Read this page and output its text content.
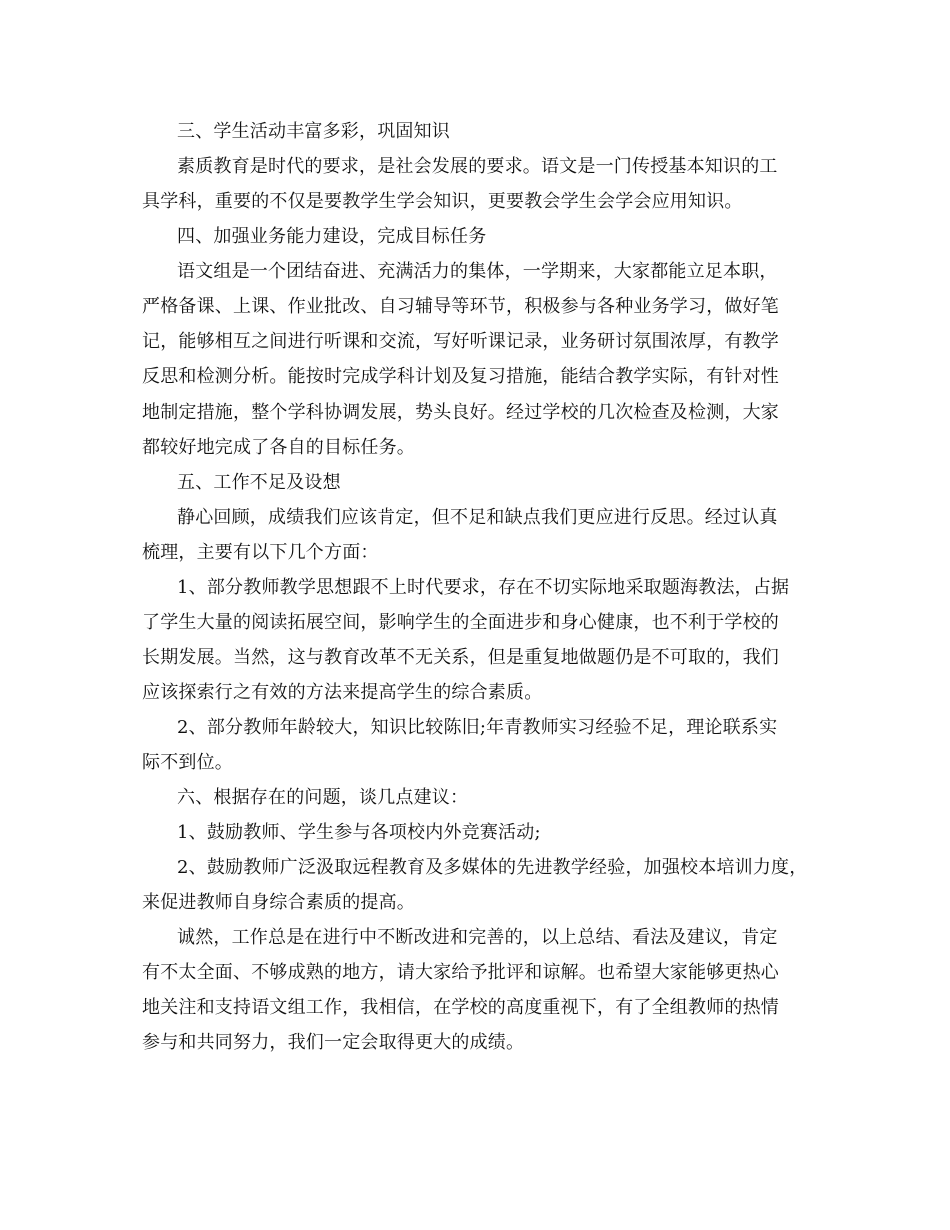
三、学生活动丰富多彩，巩固知识
素质教育是时代的要求，是社会发展的要求。语文是一门传授基本知识的工
具学科，重要的不仅是要教学生学会知识，更要教会学生会学会应用知识。
四、加强业务能力建设，完成目标任务
语文组是一个团结奋进、充满活力的集体，一学期来，大家都能立足本职，
严格备课、上课、作业批改、自习辅导等环节，积极参与各种业务学习，做好笔
记，能够相互之间进行听课和交流，写好听课记录，业务研讨氛围浓厚，有教学
反思和检测分析。能按时完成学科计划及复习措施，能结合教学实际，有针对性
地制定措施，整个学科协调发展，势头良好。经过学校的几次检查及检测，大家
都较好地完成了各自的目标任务。
五、工作不足及设想
静心回顾，成绩我们应该肯定，但不足和缺点我们更应进行反思。经过认真
梳理，主要有以下几个方面：
1、部分教师教学思想跟不上时代要求，存在不切实际地采取题海教法，占据
了学生大量的阅读拓展空间，影响学生的全面进步和身心健康，也不利于学校的
长期发展。当然，这与教育改革不无关系，但是重复地做题仍是不可取的，我们
应该探索行之有效的方法来提高学生的综合素质。
2、部分教师年龄较大，知识比较陈旧;年青教师实习经验不足，理论联系实
际不到位。
六、根据存在的问题，谈几点建议：
1、鼓励教师、学生参与各项校内外竞赛活动;
2、鼓励教师广泛汲取远程教育及多媒体的先进教学经验，加强校本培训力度，
来促进教师自身综合素质的提高。
诚然，工作总是在进行中不断改进和完善的，以上总结、看法及建议，肯定
有不太全面、不够成熟的地方，请大家给予批评和谅解。也希望大家能够更热心
地关注和支持语文组工作，我相信，在学校的高度重视下，有了全组教师的热情
参与和共同努力，我们一定会取得更大的成绩。
